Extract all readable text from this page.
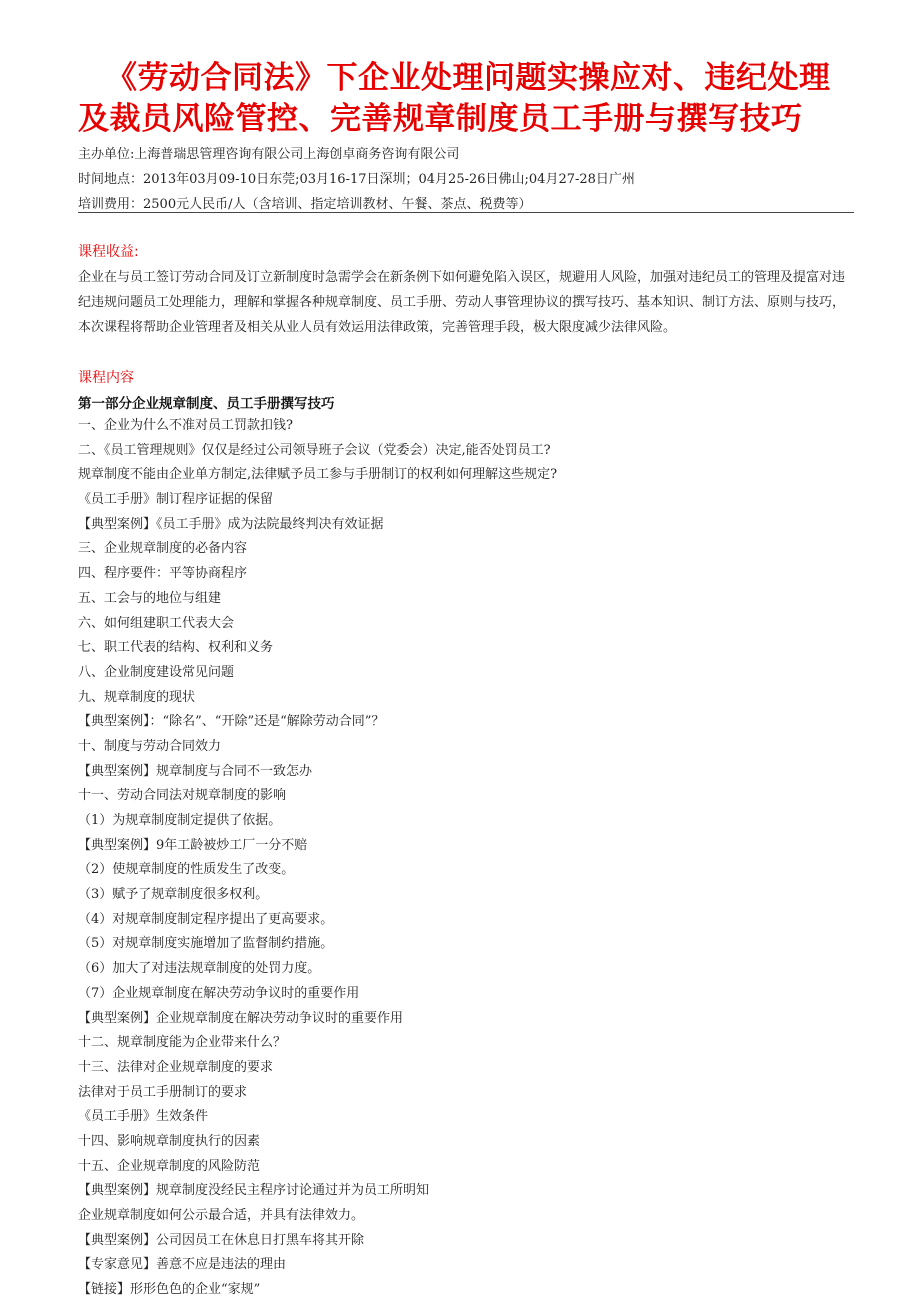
《劳动合同法》下企业处理问题实操应对、违纪处理
及裁员风险管控、完善规章制度员工手册与撰写技巧
主办单位:上海普瑞思管理咨询有限公司上海创卓商务咨询有限公司
时间地点：2013年03月09-10日东莞;03月16-17日深圳；04月25-26日佛山;04月27-28日广州
培训费用：2500元人民币/人（含培训、指定培训教材、午餐、茶点、税费等）
课程收益:
企业在与员工签订劳动合同及订立新制度时急需学会在新条例下如何避免陷入误区，规避用人风险，加强对违纪员工的管理及提富对违纪违规问题员工处理能力，理解和掌握各种规章制度、员工手册、劳动人事管理协议的撰写技巧、基本知识、制订方法、原则与技巧，本次课程将帮助企业管理者及相关从业人员有效运用法律政策，完善管理手段，极大限度减少法律风险。
课程内容
第一部分企业规章制度、员工手册撰写技巧
一、企业为什么不准对员工罚款扣钱?
二、《员工管理规则》仅仅是经过公司领导班子会议（党委会）决定,能否处罚员工?
规章制度不能由企业单方制定,法律赋予员工参与手册制订的权利如何理解这些规定?
《员工手册》制订程序证据的保留
【典型案例】《员工手册》成为法院最终判决有效证据
三、企业规章制度的必备内容
四、程序要件：平等协商程序
五、工会与的地位与组建
六、如何组建职工代表大会
七、职工代表的结构、权利和义务
八、企业制度建设常见问题
九、规章制度的现状
【典型案例】：“除名”、“开除”还是“解除劳动合同”？
十、制度与劳动合同效力
【典型案例】规章制度与合同不一致怎办
十一、劳动合同法对规章制度的影响
（1）为规章制度制定提供了依据。
【典型案例】9年工龄被炒工厂一分不赔
（2）使规章制度的性质发生了改变。
（3）赋予了规章制度很多权利。
（4）对规章制度制定程序提出了更高要求。
（5）对规章制度实施增加了监督制约措施。
（6）加大了对违法规章制度的处罚力度。
（7）企业规章制度在解决劳动争议时的重要作用
【典型案例】企业规章制度在解决劳动争议时的重要作用
十二、规章制度能为企业带来什么？
十三、法律对企业规章制度的要求
法律对于员工手册制订的要求
《员工手册》生效条件
十四、影响规章制度执行的因素
十五、企业规章制度的风险防范
【典型案例】规章制度没经民主程序讨论通过并为员工所明知
企业规章制度如何公示最合适，并具有法律效力。
【典型案例】公司因员工在休息日打黑车将其开除
【专家意见】善意不应是违法的理由
【链接】形形色色的企业“家规”
